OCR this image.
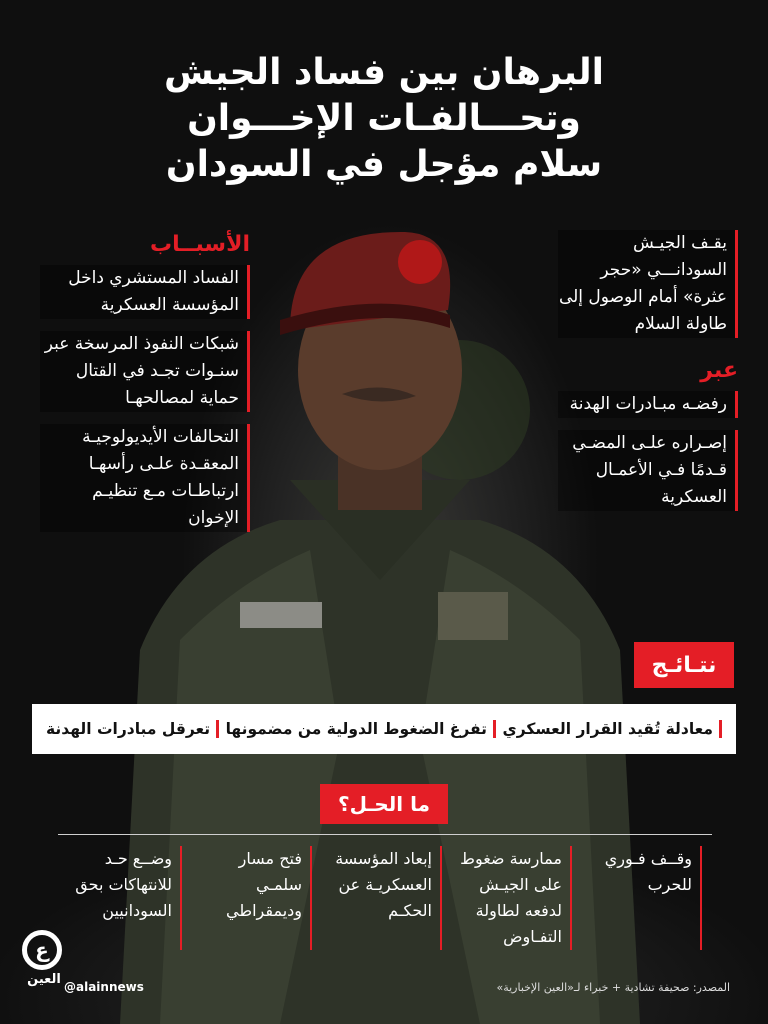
البرهان بين فساد الجيش
وتحـــالفـات الإخـــوان
سلام مؤجل في السودان
يقـف الجيـش السودانـــي «حجر عثرة» أمام الوصول إلى طاولة السلام
عبر
رفضـه مبـادرات الهدنة
إصـراره علـى المضـي قـدمًا فـي الأعمـال العسكرية
الأسبــاب
الفساد المستشري داخل المؤسسة العسكرية
شبكات النفوذ المرسخة عبر سنـوات تجـد في القتال حماية لمصالحهـا
التحالفات الأيديولوجيـة المعقـدة علـى رأسهـا ارتباطـات مـع تنظيـم الإخوان
نتـائـج
معادلة تُقيد القرار العسكري
تفرغ الضغوط الدولية من مضمونها
تعرقل مبادرات الهدنة
ما الحـل؟
وقــف فـوري للحرب
ممارسة ضغوط على الجيـش لدفعه لطاولة التفـاوض
إبعاد المؤسسة العسكريـة عن الحكـم
فتح مسار سلمـي وديمقراطي
وضــع حـد للانتهاكات بحق السودانيين
ع
العين @alainnews	المصدر: صحيفة تشادية + خبراء لـ«العين الإخبارية»
